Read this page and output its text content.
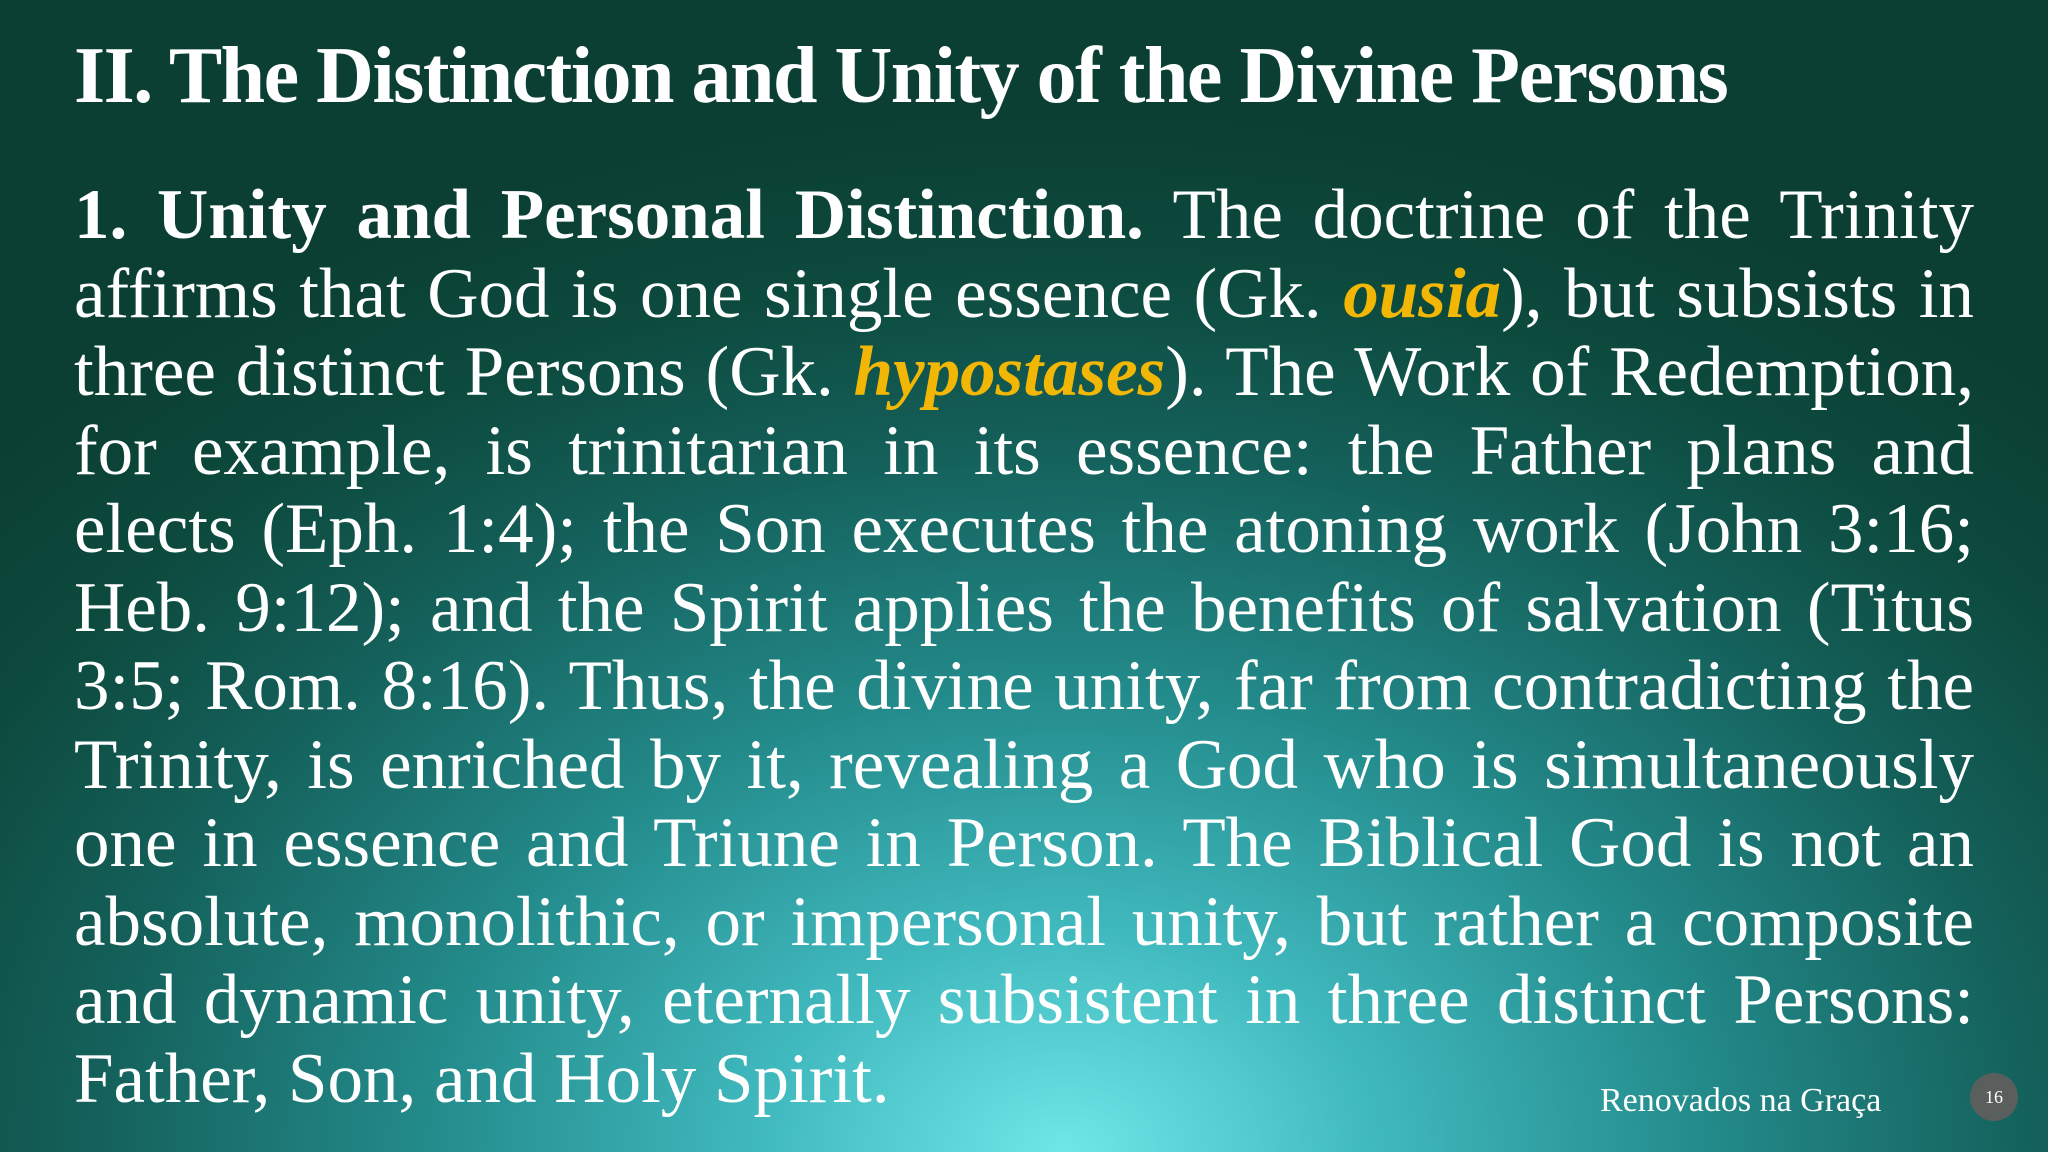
II. The Distinction and Unity of the Divine Persons

1. Unity and Personal Distinction. The doctrine of the Trinity affirms that God is one single essence (Gk. ousia), but subsists in three distinct Persons (Gk. hypostases). The Work of Redemption, for example, is trinitarian in its essence: the Father plans and elects (Eph. 1:4); the Son executes the atoning work (John 3:16; Heb. 9:12); and the Spirit applies the benefits of salvation (Titus 3:5; Rom. 8:16). Thus, the divine unity, far from contradicting the Trinity, is enriched by it, revealing a God who is simultaneously one in essence and Triune in Person. The Biblical God is not an absolute, monolithic, or impersonal unity, but rather a composite and dynamic unity, eternally subsistent in three distinct Persons: Father, Son, and Holy Spirit.	Renovados na Graça	16
